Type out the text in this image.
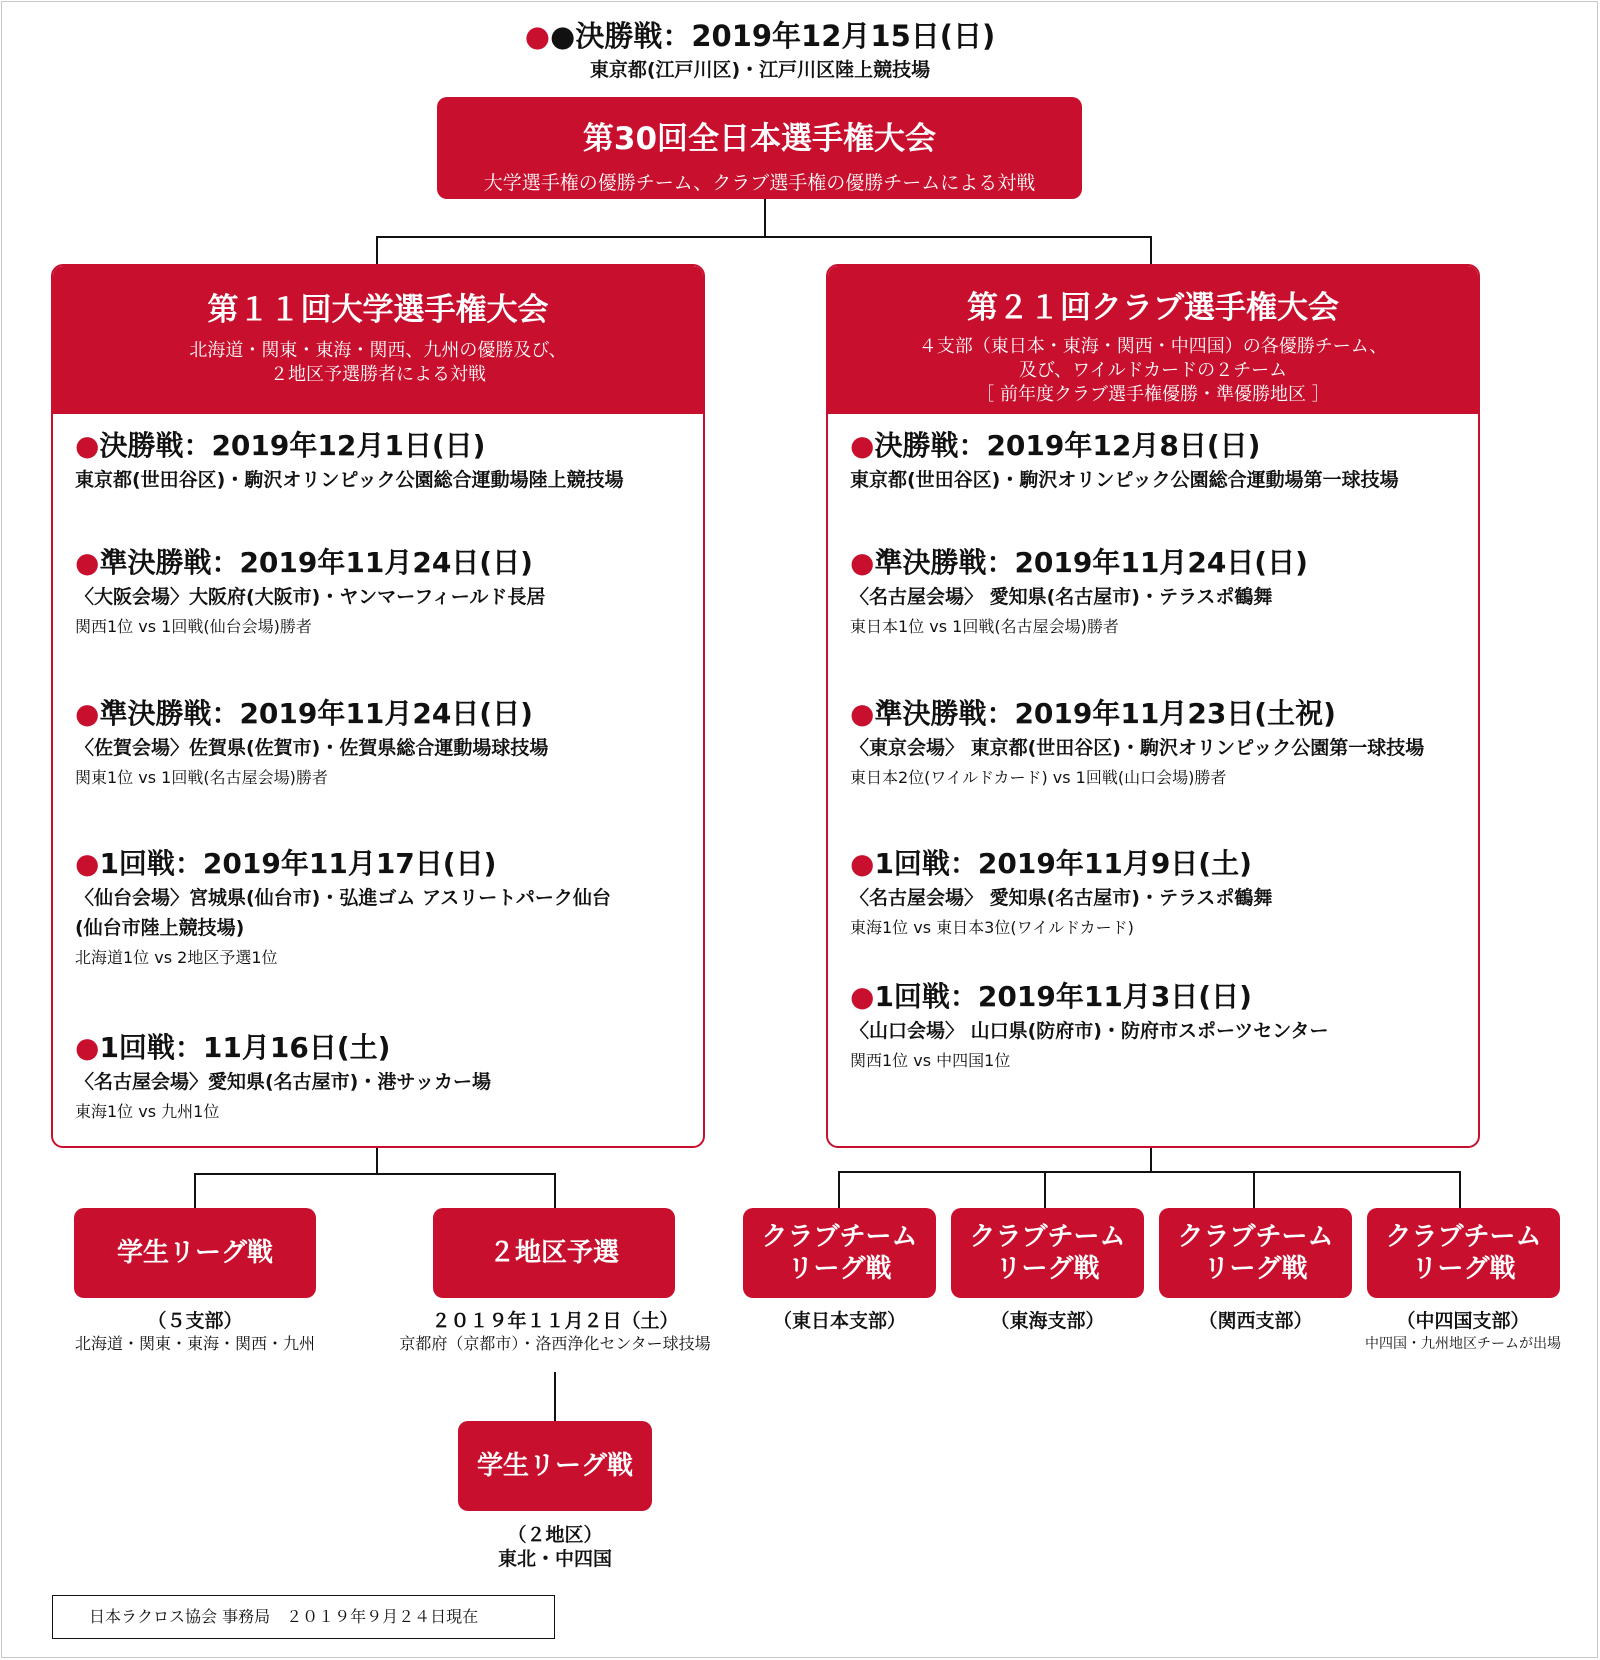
●●決勝戦：2019年12月15日(日)
東京都(江戸川区)・江戸川区陸上競技場
第30回全日本選手権大会
大学選手権の優勝チーム、クラブ選手権の優勝チームによる対戦
第１１回大学選手権大会
北海道・関東・東海・関西、九州の優勝及び、
２地区予選勝者による対戦
●決勝戦：2019年12月1日(日)
東京都(世田谷区)・駒沢オリンピック公園総合運動場陸上競技場
●準決勝戦：2019年11月24日(日)
〈大阪会場〉大阪府(大阪市)・ヤンマーフィールド長居
関西1位 vs 1回戦(仙台会場)勝者
●準決勝戦：2019年11月24日(日)
〈佐賀会場〉佐賀県(佐賀市)・佐賀県総合運動場球技場
関東1位 vs 1回戦(名古屋会場)勝者
●1回戦：2019年11月17日(日)
〈仙台会場〉宮城県(仙台市)・弘進ゴム アスリートパーク仙台
(仙台市陸上競技場)
北海道1位 vs 2地区予選1位
●1回戦：11月16日(土)
〈名古屋会場〉愛知県(名古屋市)・港サッカー場
東海1位 vs 九州1位
第２１回クラブ選手権大会
４支部（東日本・東海・関西・中四国）の各優勝チーム、
及び、ワイルドカードの２チーム
［ 前年度クラブ選手権優勝・準優勝地区 ］
●決勝戦：2019年12月8日(日)
東京都(世田谷区)・駒沢オリンピック公園総合運動場第一球技場
●準決勝戦：2019年11月24日(日)
〈名古屋会場〉 愛知県(名古屋市)・テラスポ鶴舞
東日本1位 vs 1回戦(名古屋会場)勝者
●準決勝戦：2019年11月23日(土祝)
〈東京会場〉 東京都(世田谷区)・駒沢オリンピック公園第一球技場
東日本2位(ワイルドカード) vs 1回戦(山口会場)勝者
●1回戦：2019年11月9日(土)
〈名古屋会場〉 愛知県(名古屋市)・テラスポ鶴舞
東海1位 vs 東日本3位(ワイルドカード)
●1回戦：2019年11月3日(日)
〈山口会場〉 山口県(防府市)・防府市スポーツセンター
関西1位 vs 中四国1位
学生リーグ戦
（５支部）
北海道・関東・東海・関西・九州
２地区予選
２０１９年１１月２日（土）
京都府（京都市）・洛西浄化センター球技場
学生リーグ戦
（２地区）
東北・中四国
クラブチーム
リーグ戦
クラブチーム
リーグ戦
クラブチーム
リーグ戦
クラブチーム
リーグ戦
（東日本支部）	（東海支部）	（関西支部）	（中四国支部）
中四国・九州地区チームが出場
日本ラクロス協会 事務局　２０１９年９月２４日現在
